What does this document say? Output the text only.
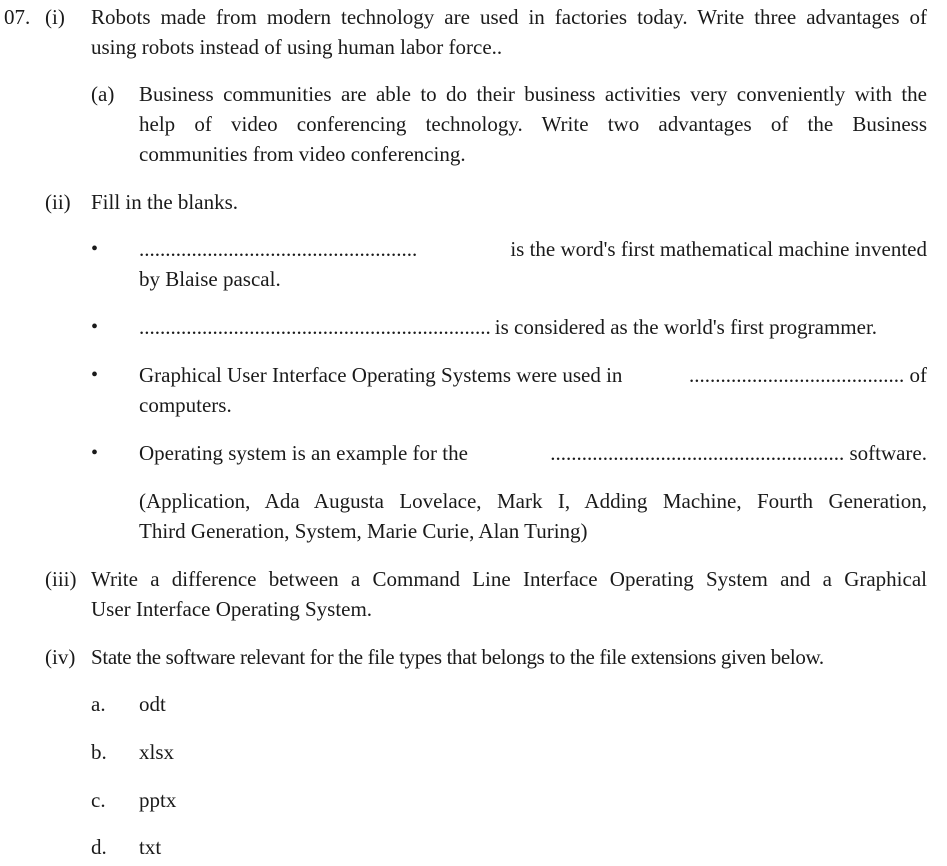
07. (i) Robots made from modern technology are used in factories today. Write three advantages of
using robots instead of using human labor force..
(a) Business communities are able to do their business activities very conveniently with the
help of video conferencing technology. Write two advantages of the Business
communities from video conferencing.
(ii) Fill in the blanks.
• .....................................................	is the word's first mathematical machine invented
by Blaise pascal.
• ................................................................... is considered as the world's first programmer.
• Graphical User Interface Operating Systems were used in	......................................... of
computers.
• Operating system is an example for the	........................................................ software.
(Application, Ada Augusta Lovelace, Mark I, Adding Machine, Fourth Generation,
Third Generation, System, Marie Curie, Alan Turing)
(iii) Write a difference between a Command Line Interface Operating System and a Graphical
User Interface Operating System.
(iv) State the software relevant for the file types that belongs to the file extensions given below.
a. odt
b. xlsx
c. pptx
d. txt
